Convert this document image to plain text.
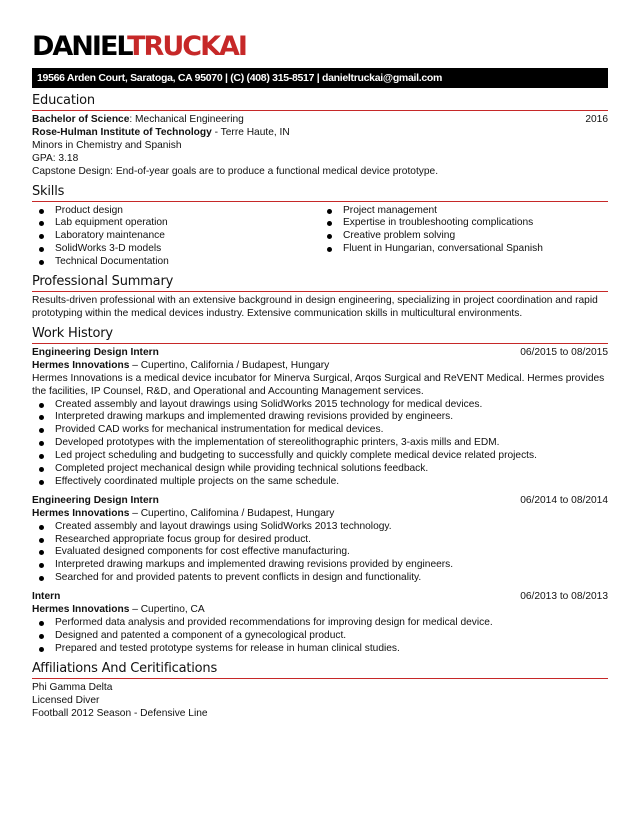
DANIELTRUCKAI
19566 Arden Court, Saratoga, CA 95070 | (C) (408) 315-8517 | danieltruckai@gmail.com
Education
Bachelor of Science: Mechanical Engineering	2016
Rose-Hulman Institute of Technology - Terre Haute, IN
Minors in Chemistry and Spanish
GPA: 3.18
Capstone Design: End-of-year goals are to produce a functional medical device prototype.
Skills
Product design
Lab equipment operation
Laboratory maintenance
SolidWorks 3-D models
Technical Documentation
Project management
Expertise in troubleshooting complications
Creative problem solving
Fluent in Hungarian, conversational Spanish
Professional Summary
Results-driven professional with an extensive background in design engineering, specializing in project coordination and rapid prototyping within the medical devices industry. Extensive communication skills in multicultural environments.
Work History
Engineering Design Intern	06/2015 to 08/2015
Hermes Innovations – Cupertino, California / Budapest, Hungary
Hermes Innovations is a medical device incubator for Minerva Surgical, Arqos Surgical and ReVENT Medical. Hermes provides the facilities, IP Counsel, R&D, and Operational and Accounting Management services.
Created assembly and layout drawings using SolidWorks 2015 technology for medical devices.
Interpreted drawing markups and implemented drawing revisions provided by engineers.
Provided CAD works for mechanical instrumentation for medical devices.
Developed prototypes with the implementation of stereolithographic printers, 3-axis mills and EDM.
Led project scheduling and budgeting to successfully and quickly complete medical device related projects.
Completed project mechanical design while providing technical solutions feedback.
Effectively coordinated multiple projects on the same schedule.
Engineering Design Intern	06/2014 to 08/2014
Hermes Innovations – Cupertino, Califomina / Budapest, Hungary
Created assembly and layout drawings using SolidWorks 2013 technology.
Researched appropriate focus group for desired product.
Evaluated designed components for cost effective manufacturing.
Interpreted drawing markups and implemented drawing revisions provided by engineers.
Searched for and provided patents to prevent conflicts in design and functionality.
Intern	06/2013 to 08/2013
Hermes Innovations – Cupertino, CA
Performed data analysis and provided recommendations for improving design for medical device.
Designed and patented a component of a gynecological product.
Prepared and tested prototype systems for release in human clinical studies.
Affiliations And Ceritifications
Phi Gamma Delta
Licensed Diver
Football 2012 Season - Defensive Line
